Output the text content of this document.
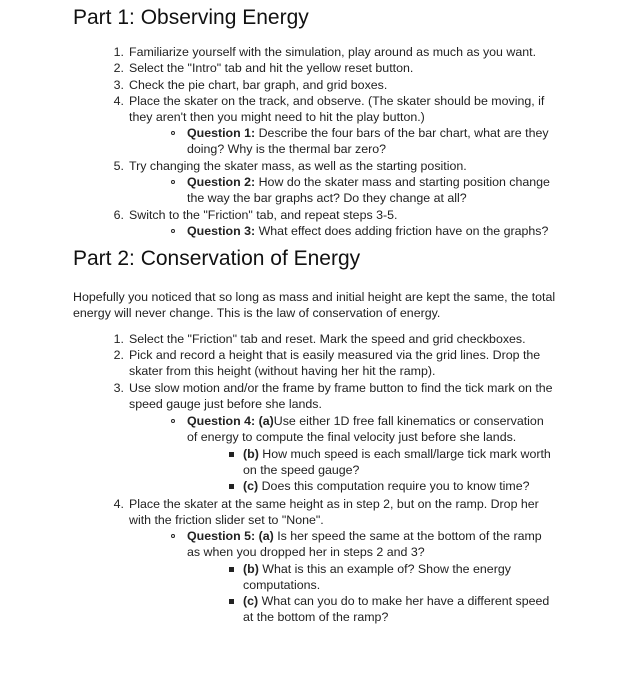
Part 1: Observing Energy
1. Familiarize yourself with the simulation, play around as much as you want.
2. Select the "Intro" tab and hit the yellow reset button.
3. Check the pie chart, bar graph, and grid boxes.
4. Place the skater on the track, and observe. (The skater should be moving, if
they aren't then you might need to hit the play button.)
Question 1: Describe the four bars of the bar chart, what are they
doing? Why is the thermal bar zero?
5. Try changing the skater mass, as well as the starting position.
Question 2: How do the skater mass and starting position change
the way the bar graphs act? Do they change at all?
6. Switch to the "Friction" tab, and repeat steps 3-5.
Question 3: What effect does adding friction have on the graphs?
Part 2: Conservation of Energy
Hopefully you noticed that so long as mass and initial height are kept the same, the total
energy will never change. This is the law of conservation of energy.
1. Select the "Friction" tab and reset. Mark the speed and grid checkboxes.
2. Pick and record a height that is easily measured via the grid lines. Drop the
skater from this height (without having her hit the ramp).
3. Use slow motion and/or the frame by frame button to find the tick mark on the
speed gauge just before she lands.
Question 4: (a)Use either 1D free fall kinematics or conservation
of energy to compute the final velocity just before she lands.
(b) How much speed is each small/large tick mark worth
on the speed gauge?
(c) Does this computation require you to know time?
4. Place the skater at the same height as in step 2, but on the ramp. Drop her
with the friction slider set to "None".
Question 5: (a) Is her speed the same at the bottom of the ramp
as when you dropped her in steps 2 and 3?
(b) What is this an example of? Show the energy
computations.
(c) What can you do to make her have a different speed
at the bottom of the ramp?
